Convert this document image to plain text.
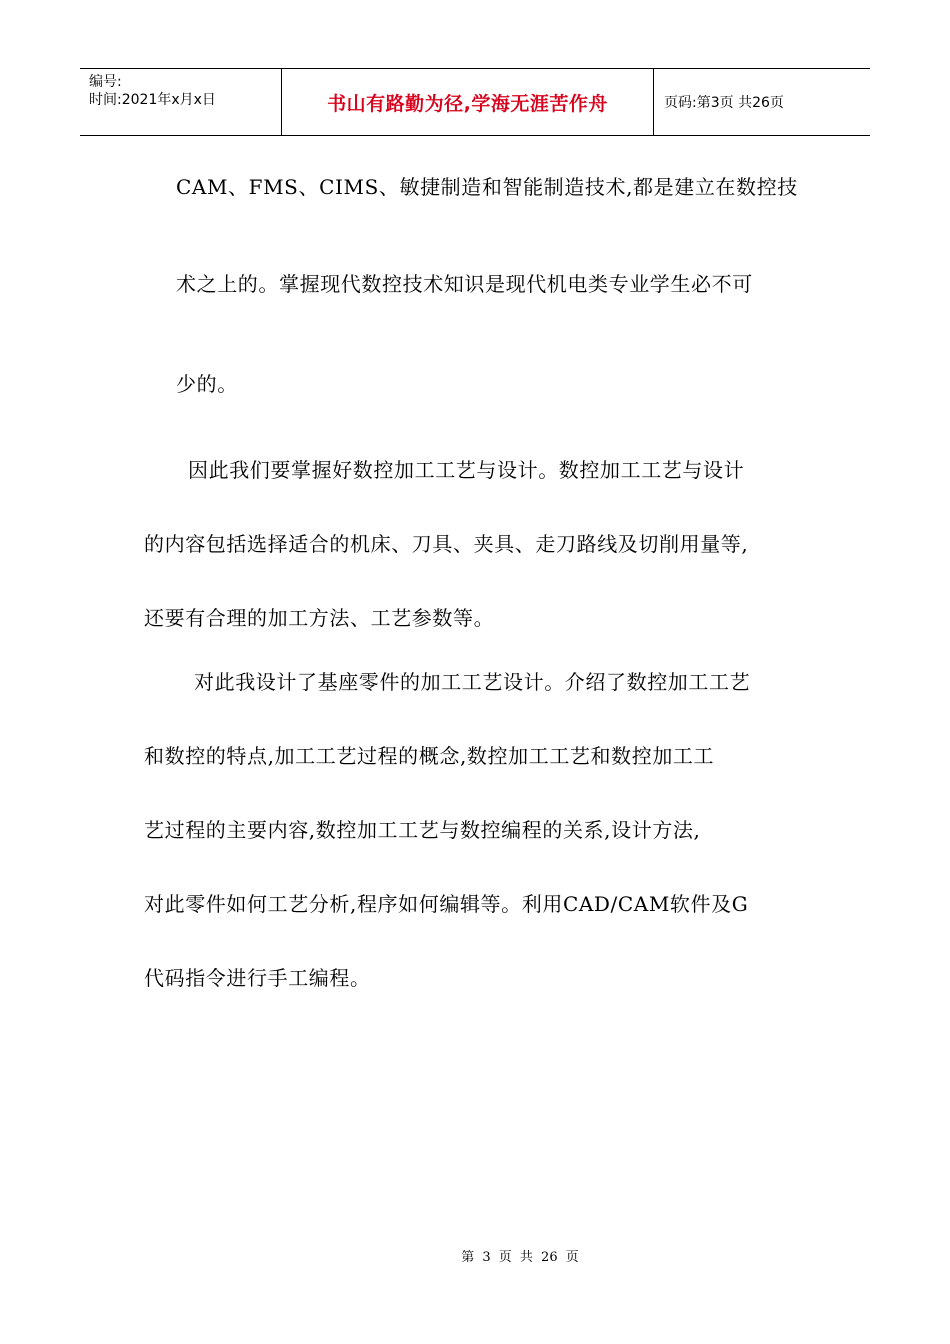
编号:
时间:2021年x月x日	书山有路勤为径,学海无涯苦作舟	页码:第3页 共26页
CAM、FMS、CIMS、敏捷制造和智能制造技术,都是建立在数控技
术之上的。掌握现代数控技术知识是现代机电类专业学生必不可
少的。
因此我们要掌握好数控加工工艺与设计。数控加工工艺与设计
的内容包括选择适合的机床、刀具、夹具、走刀路线及切削用量等,
还要有合理的加工方法、工艺参数等。
对此我设计了基座零件的加工工艺设计。介绍了数控加工工艺
和数控的特点,加工工艺过程的概念,数控加工工艺和数控加工工
艺过程的主要内容,数控加工工艺与数控编程的关系,设计方法,
对此零件如何工艺分析,程序如何编辑等。利用CAD/CAM软件及G
代码指令进行手工编程。
第 3 页 共 26 页
